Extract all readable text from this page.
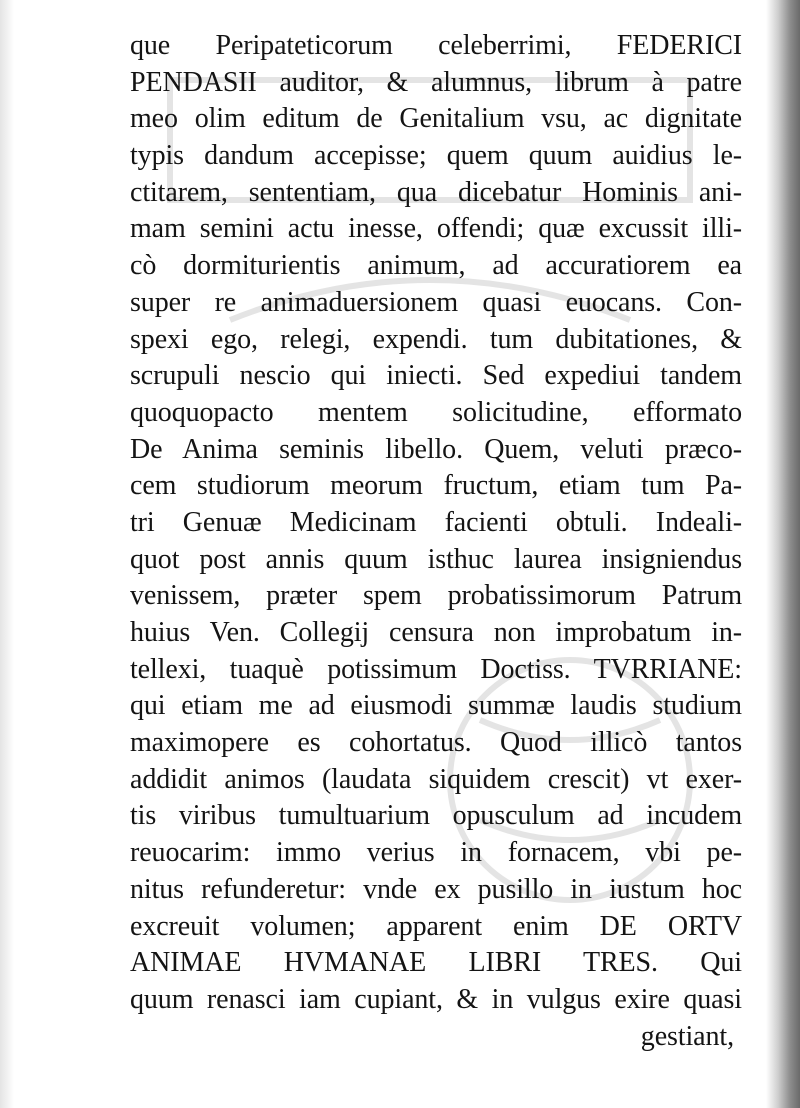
que Peripateticorum celeberrimi, FEDERICI
PENDASII auditor, & alumnus, librum à patre
meo olim editum de Genitalium vsu, ac dignitate
typis dandum accepisse; quem quum auidius le-
ctitarem, sententiam, qua dicebatur Hominis ani-
mam semini actu inesse, offendi; quæ excussit illi-
cò dormiturientis animum, ad accuratiorem ea
super re animaduersionem quasi euocans. Con-
spexi ego, relegi, expendi. tum dubitationes, &
scrupuli nescio qui iniecti. Sed expediui tandem
quoquopacto mentem solicitudine, efformato
De Anima seminis libello. Quem, veluti præco-
cem studiorum meorum fructum, etiam tum Pa-
tri Genuæ Medicinam facienti obtuli. Indeali-
quot post annis quum isthuc laurea insigniendus
venissem, præter spem probatissimorum Patrum
huius Ven. Collegij censura non improbatum in-
tellexi, tuaquè potissimum Doctiss. TVRRIANE:
qui etiam me ad eiusmodi summæ laudis studium
maximopere es cohortatus. Quod illicò tantos
addidit animos (laudata siquidem crescit) vt exer-
tis viribus tumultuarium opusculum ad incudem
reuocarim: immo verius in fornacem, vbi pe-
nitus refunderetur: vnde ex pusillo in iustum hoc
excreuit volumen; apparent enim DE ORTV
ANIMAE HVMANAE LIBRI TRES. Qui
quum renasci iam cupiant, & in vulgus exire quasi
gestiant,
